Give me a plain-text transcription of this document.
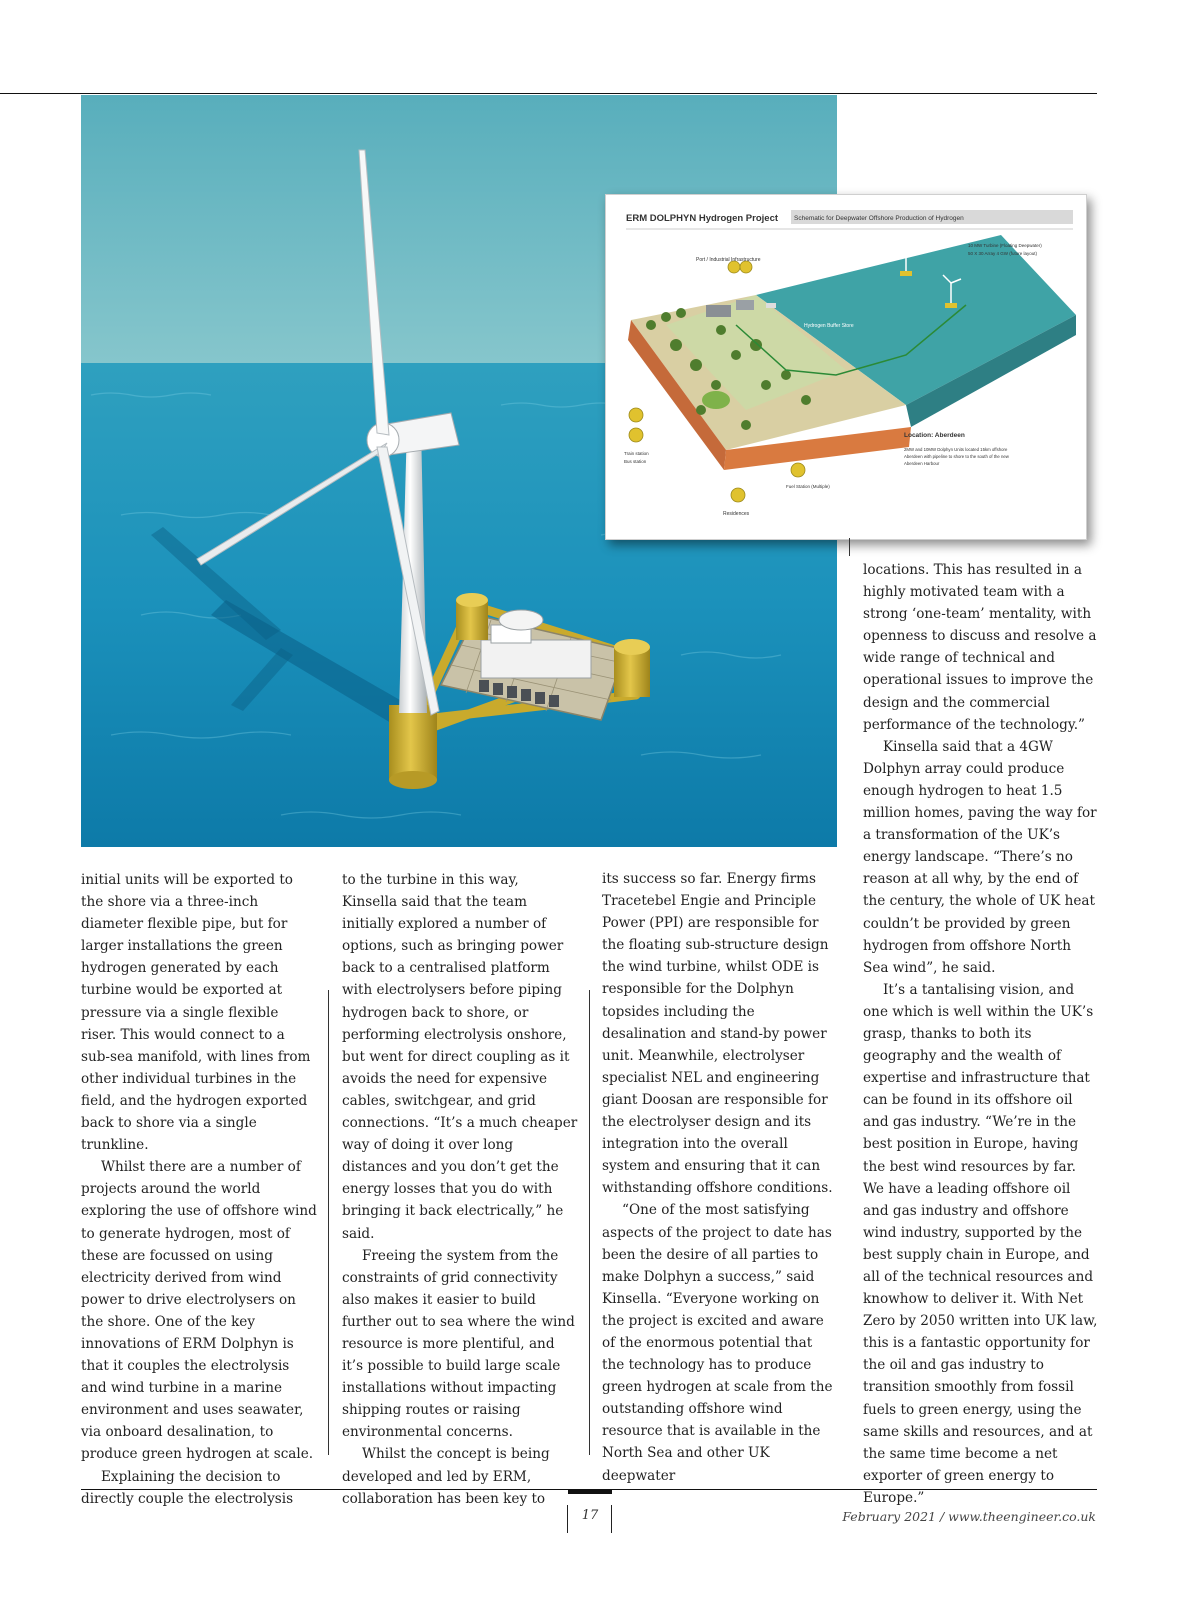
ERM DOLPHYN Hydrogen Project Schematic for Deepwater Offshore Production of Hydrogen
Port / Industrial Infrastructure
Hydrogen Buffer Store
10 MW Turbine (Floating Deepwater)
50 X 30 Array 4 GW (future layout)
Location: Aberdeen
2MW and 10MW Dolphyn Units located 15km offshore
Aberdeen with pipeline to shore to the south of the new
Aberdeen Harbour
Train station
Bus station
Fuel Station (Multiple)
Residences

initial units will be exported to the shore via a three-inch diameter flexible pipe, but for larger installations the green hydrogen generated by each turbine would be exported at pressure via a single flexible riser. This would connect to a sub-sea manifold, with lines from other individual turbines in the field, and the hydrogen exported back to shore via a single trunkline.

Whilst there are a number of projects around the world exploring the use of offshore wind to generate hydrogen, most of these are focussed on using electricity derived from wind power to drive electrolysers on the shore. One of the key innovations of ERM Dolphyn is that it couples the electrolysis and wind turbine in a marine environment and uses seawater, via onboard desalination, to produce green hydrogen at scale.

Explaining the decision to directly couple the electrolysis

to the turbine in this way, Kinsella said that the team initially explored a number of options, such as bringing power back to a centralised platform with electrolysers before piping hydrogen back to shore, or performing electrolysis onshore, but went for direct coupling as it avoids the need for expensive cables, switchgear, and grid connections. “It’s a much cheaper way of doing it over long distances and you don’t get the energy losses that you do with bringing it back electrically,” he said.

Freeing the system from the constraints of grid connectivity also makes it easier to build further out to sea where the wind resource is more plentiful, and it’s possible to build large scale installations without impacting shipping routes or raising environmental concerns.

Whilst the concept is being developed and led by ERM, collaboration has been key to

its success so far. Energy firms Tracetebel Engie and Principle Power (PPI) are responsible for the floating sub-structure design the wind turbine, whilst ODE is responsible for the Dolphyn topsides including the desalination and stand-by power unit. Meanwhile, electrolyser specialist NEL and engineering giant Doosan are responsible for the electrolyser design and its integration into the overall system and ensuring that it can withstanding offshore conditions.

“One of the most satisfying aspects of the project to date has been the desire of all parties to make Dolphyn a success,” said Kinsella. “Everyone working on the project is excited and aware of the enormous potential that the technology has to produce green hydrogen at scale from the outstanding offshore wind resource that is available in the North Sea and other UK deepwater

locations. This has resulted in a highly motivated team with a strong ‘one-team’ mentality, with openness to discuss and resolve a wide range of technical and operational issues to improve the design and the commercial performance of the technology.”

Kinsella said that a 4GW Dolphyn array could produce enough hydrogen to heat 1.5 million homes, paving the way for a transformation of the UK’s energy landscape. “There’s no reason at all why, by the end of the century, the whole of UK heat couldn’t be provided by green hydrogen from offshore North Sea wind”, he said.

It’s a tantalising vision, and one which is well within the UK’s grasp, thanks to both its geography and the wealth of expertise and infrastructure that can be found in its offshore oil and gas industry. “We’re in the best position in Europe, having the best wind resources by far. We have a leading offshore oil and gas industry and offshore wind industry, supported by the best supply chain in Europe, and all of the technical resources and knowhow to deliver it. With Net Zero by 2050 written into UK law, this is a fantastic opportunity for the oil and gas industry to transition smoothly from fossil fuels to green energy, using the same skills and resources, and at the same time become a net exporter of green energy to Europe.”

17	February 2021 / www.theengineer.co.uk
